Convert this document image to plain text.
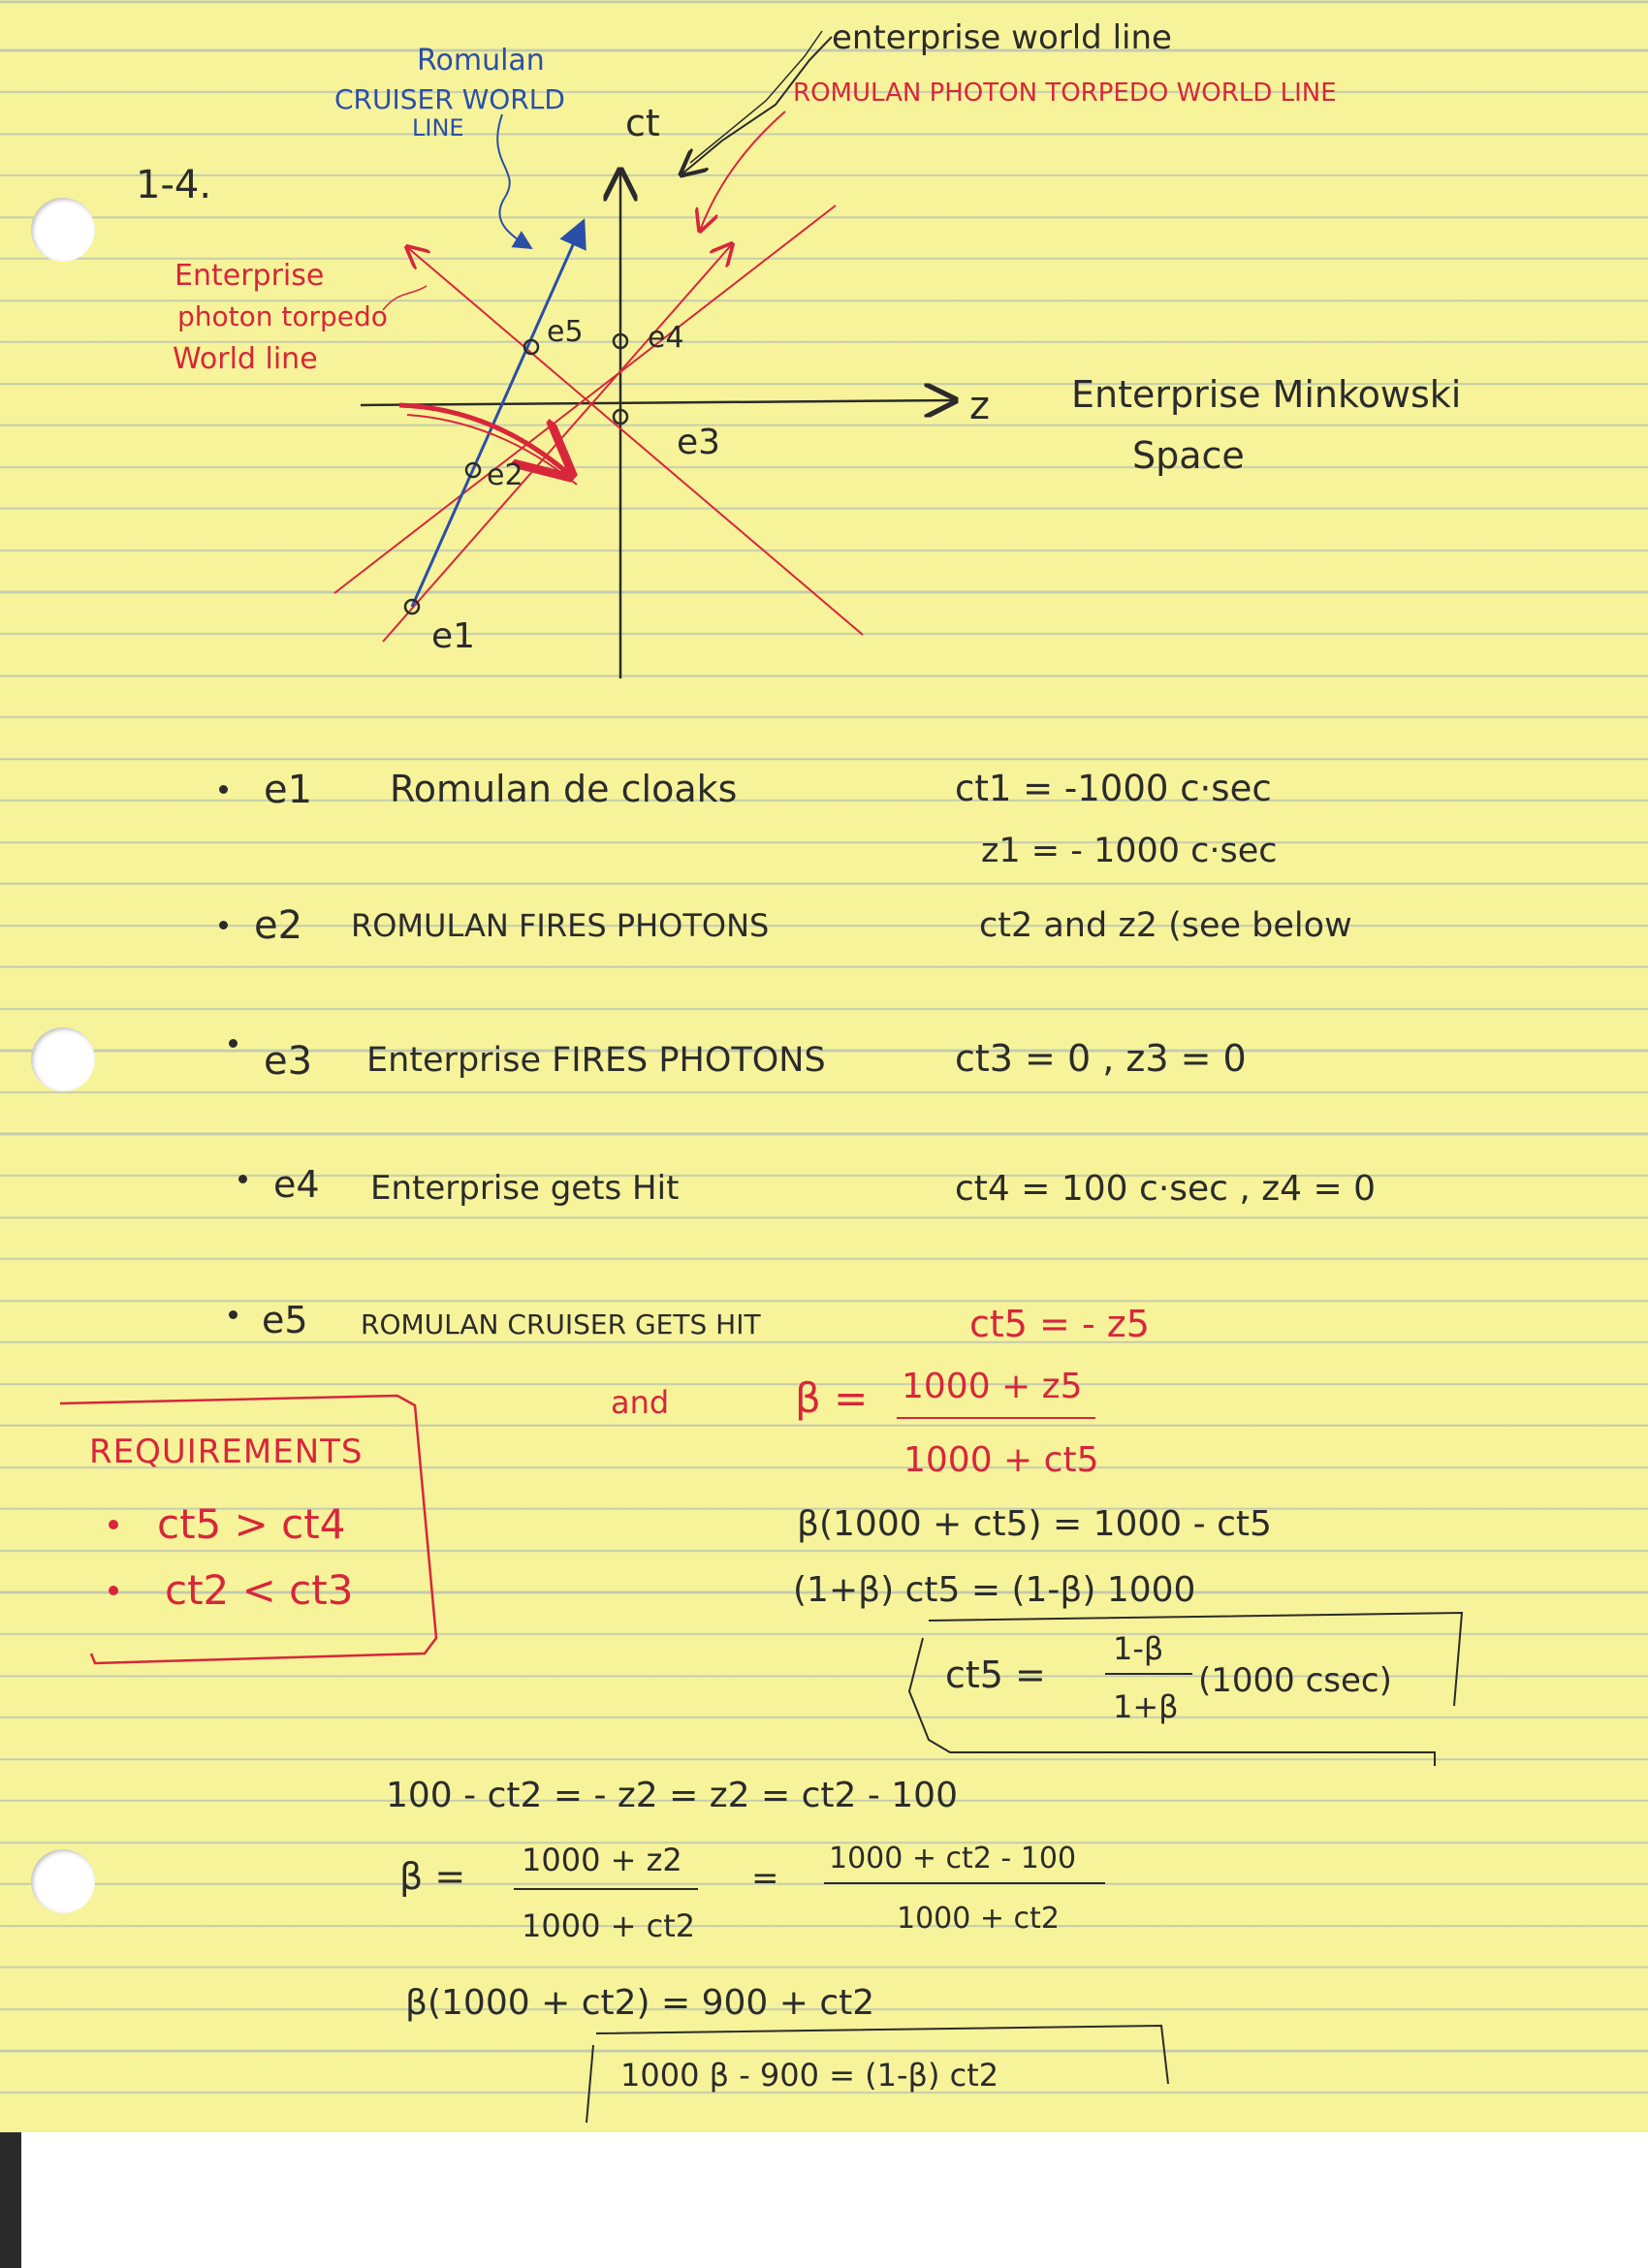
1-4.
ct
z
e1
e2
e3
e4
e5
Romulan
CRUISER WORLD
LINE
enterprise world line
ROMULAN PHOTON TORPEDO WORLD LINE
Enterprise
photon torpedo
World line
Enterprise Minkowski
Space
e1 Romulan de cloaks	ct1 = -1000 c·sec
z1 = - 1000 c·sec
e2 ROMULAN FIRES PHOTONS	ct2 and z2 (see below
e3 Enterprise FIRES PHOTONS	ct3 = 0 , z3 = 0
e4 Enterprise gets Hit	ct4 = 100 c·sec , z4 = 0
e5 ROMULAN CRUISER GETS HIT	ct5 = - z5
REQUIREMENTS
ct5 > ct4
ct2 < ct3
and	β = 1000 + z5
1000 + ct5
β(1000 + ct5) = 1000 - ct5
(1+β) ct5 = (1-β) 1000
ct5 =
1-β
1+β
(1000 csec)
100 - ct2 = - z2 = z2 = ct2 - 100
β = 1000 + z2
1000 + ct2
=
1000 + ct2 - 100
1000 + ct2
β(1000 + ct2) = 900 + ct2
1000 β - 900 = (1-β) ct2
